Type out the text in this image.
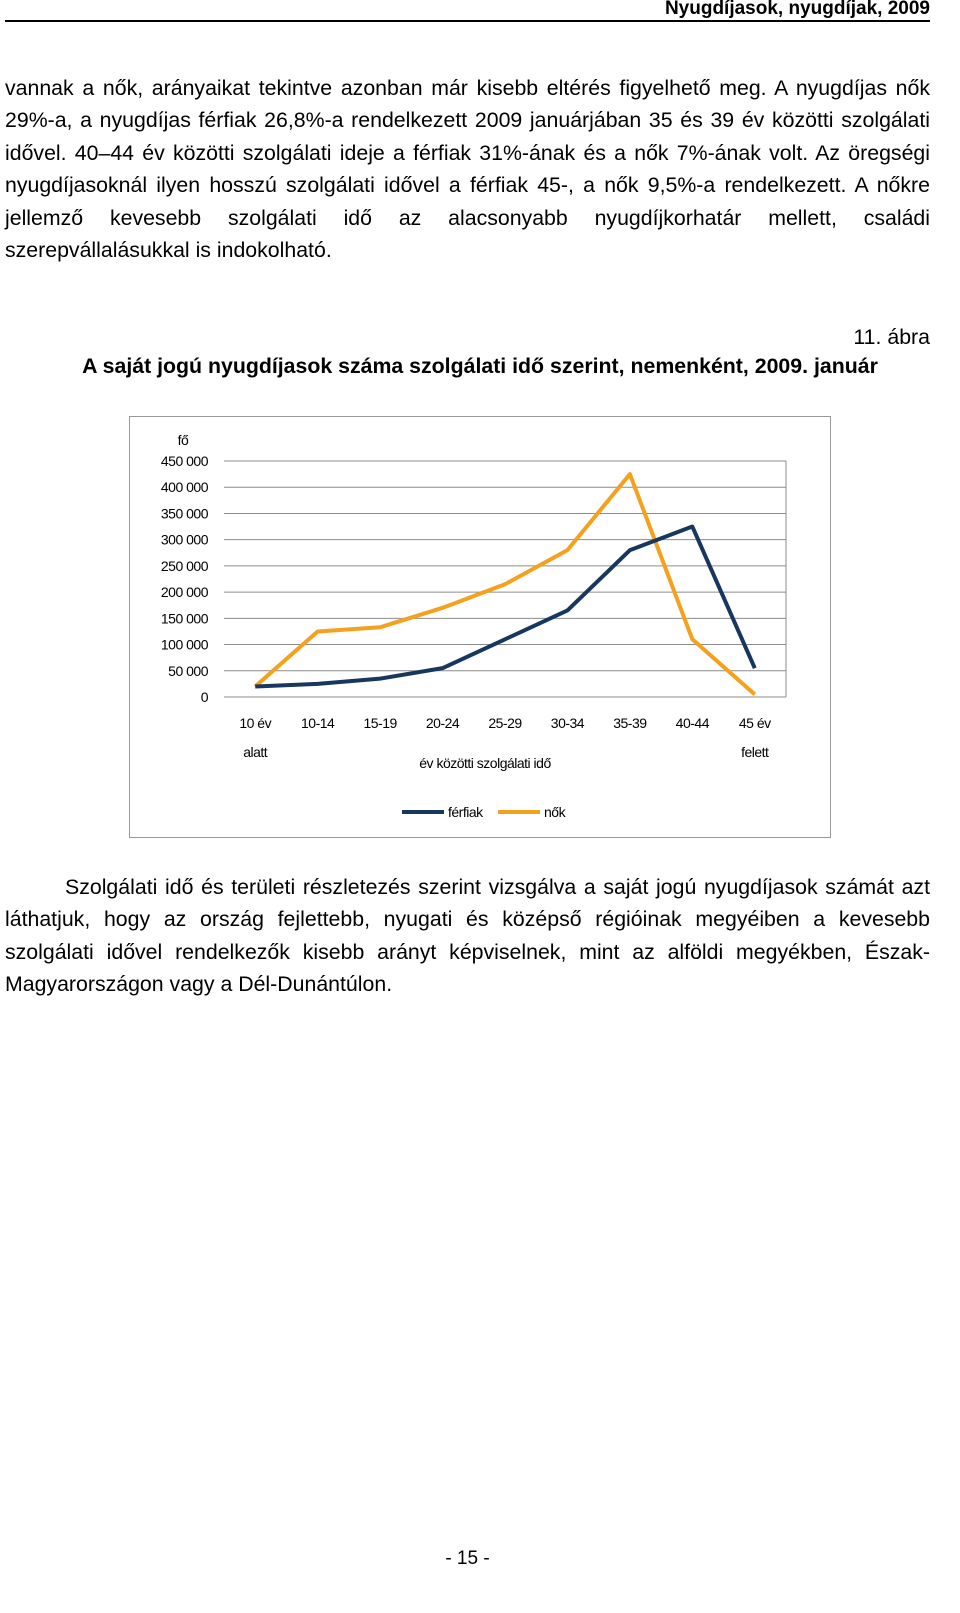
Nyugdíjasok, nyugdíjak, 2009
vannak a nők, arányaikat tekintve azonban már kisebb eltérés figyelhető meg. A nyugdíjas nők 29%-a, a nyugdíjas férfiak 26,8%-a rendelkezett 2009 januárjában 35 és 39 év közötti szolgálati idővel. 40–44 év közötti szolgálati ideje a férfiak 31%-ának és a nők 7%-ának volt. Az öregségi nyugdíjasoknál ilyen hosszú szolgálati idővel a férfiak 45-, a nők 9,5%-a rendelkezett. A nőkre jellemző kevesebb szolgálati idő az alacsonyabb nyugdíjkorhatár mellett, családi szerepvállalásukkal is indokolható.
11. ábra
A saját jogú nyugdíjasok száma szolgálati idő szerint, nemenként, 2009. január
fő
0
50 000
100 000
150 000
200 000
250 000
300 000
350 000
400 000
450 000
10 év
alatt
10-14 15-19 20-24 25-29 30-34 35-39 40-44 45 év
felett
év közötti szolgálati idő
férfiak	nők
Szolgálati idő és területi részletezés szerint vizsgálva a saját jogú nyugdíjasok számát azt láthatjuk, hogy az ország fejlettebb, nyugati és középső régióinak megyéiben a kevesebb szolgálati idővel rendelkezők kisebb arányt képviselnek, mint az alföldi megyékben, Észak-Magyarországon vagy a Dél-Dunántúlon.
- 15 -
